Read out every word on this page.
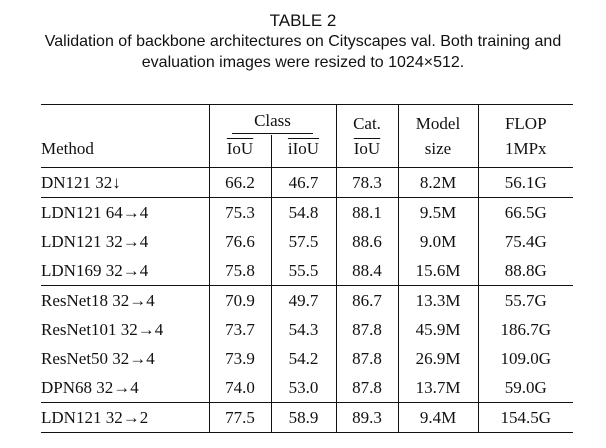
TABLE 2
Validation of backbone architectures on Cityscapes val. Both training and evaluation images were resized to 1024×512.
	Class		Cat.	Model	FLOP
Method	$\overline{IoU}$	iIoU	$\overline{IoU}$	size	1MPx
DN121 32↓	66.2	46.7	78.3	8.2M	56.1G
LDN121 64→4	75.3	54.8	88.1	9.5M	66.5G
LDN121 32→4	76.6	57.5	88.6	9.0M	75.4G
LDN169 32→4	75.8	55.5	88.4	15.6M	88.8G
ResNet18 32→4	70.9	49.7	86.7	13.3M	55.7G
ResNet101 32→4	73.7	54.3	87.8	45.9M	186.7G
ResNet50 32→4	73.9	54.2	87.8	26.9M	109.0G
DPN68 32→4	74.0	53.0	87.8	13.7M	59.0G
LDN121 32→2	77.5	58.9	89.3	9.4M	154.5G
